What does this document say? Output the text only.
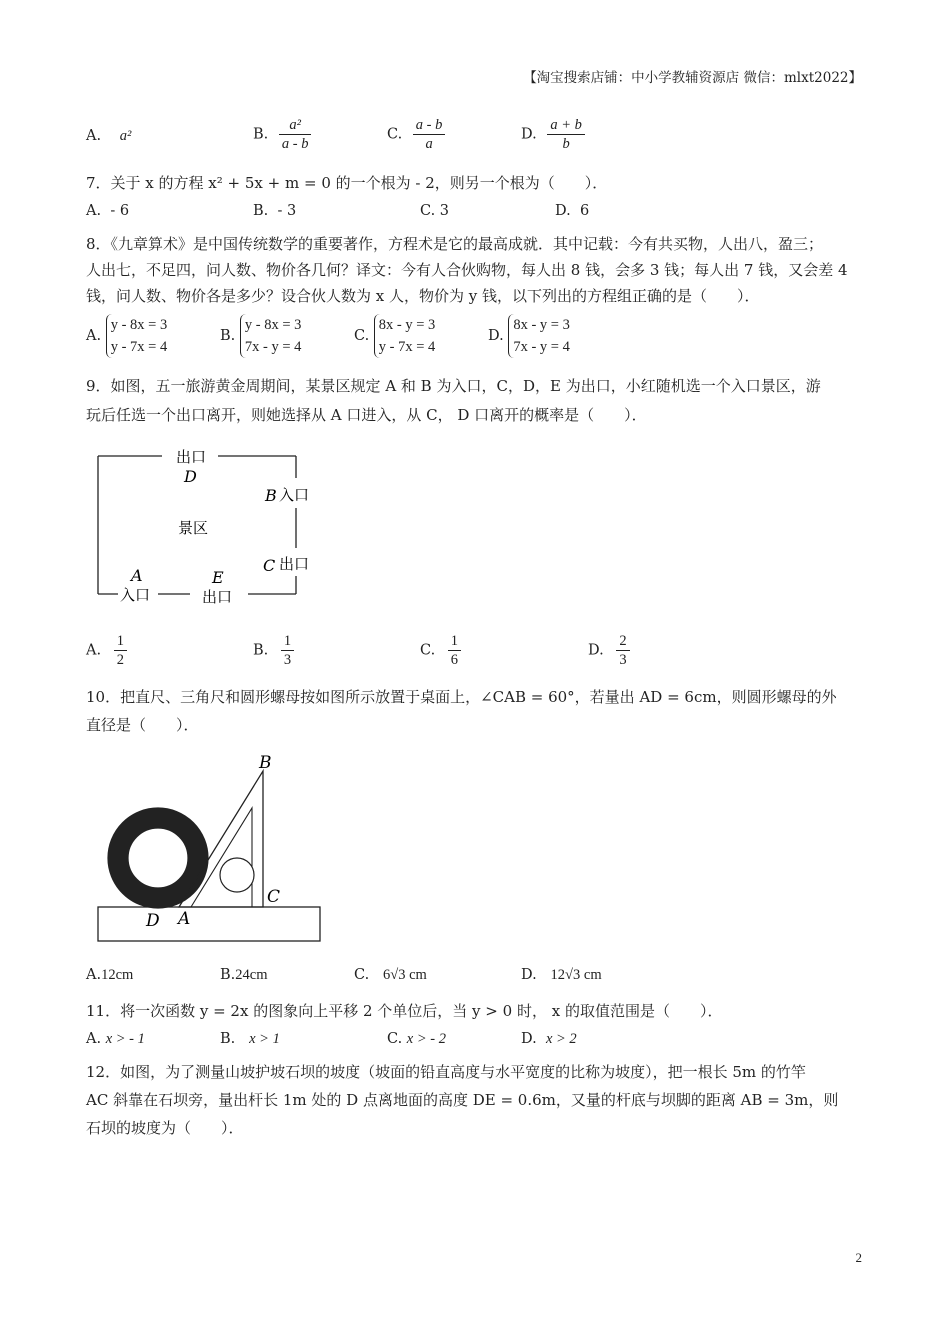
【淘宝搜索店铺：中小学教辅资源店 微信：mlxt2022】
A. a²	B. $\frac{\text{a²}}{a - b}$	C. $\frac{a - b}{a}$	D. $\frac{a + b}{b}$
7．关于 x 的方程 x² + 5x + m = 0 的一个根为 - 2，则另一个根为（　　）．
A. - 6	B. - 3	C. 3	D. 6
8．《九章算术》是中国传统数学的重要著作，方程术是它的最高成就．其中记载：今有共买物，人出八，盈三；
人出七，不足四，问人数、物价各几何？译文：今有人合伙购物，每人出 8 钱，会多 3 钱；每人出 7 钱，又会差 4
钱，问人数、物价各是多少？设合伙人数为 x 人，物价为 y 钱，以下列出的方程组正确的是（　　）．
A.
y - 8x = 3
y - 7x = 4
B.
y - 8x = 3
7x - y = 4
C.
8x - y = 3
y - 7x = 4
D.
8x - y = 3
7x - y = 4
9．如图，五一旅游黄金周期间，某景区规定 A 和 B 为入口，C，D，E 为出口，小红随机选一个入口景区，游
玩后任选一个出口离开，则她选择从 A 口进入，从 C， D 口离开的概率是（　　）．
出口
D
B 入口
景区
C 出口
A	E
入口	出口
A. $\frac{1}{2}$	B. $\frac{1}{3}$	C. $\frac{1}{6}$	D. $\frac{2}{3}$
10．把直尺、三角尺和圆形螺母按如图所示放置于桌面上，∠CAB = 60°，若量出 AD = 6cm，则圆形螺母的外
直径是（　　）．
B
C
D A
A.12cm	B.24cm	C. 6√3 cm	D. 12√3 cm
11．将一次函数 y = 2x 的图象向上平移 2 个单位后，当 y > 0 时， x 的取值范围是（　　）．
A. x > - 1	B. x > 1	C. x > - 2	D. x > 2
12．如图，为了测量山坡护坡石坝的坡度（坡面的铅直高度与水平宽度的比称为坡度），把一根长 5m 的竹竿
AC 斜靠在石坝旁，量出杆长 1m 处的 D 点离地面的高度 DE = 0.6m，又量的杆底与坝脚的距离 AB = 3m，则
石坝的坡度为（　　）．
2
